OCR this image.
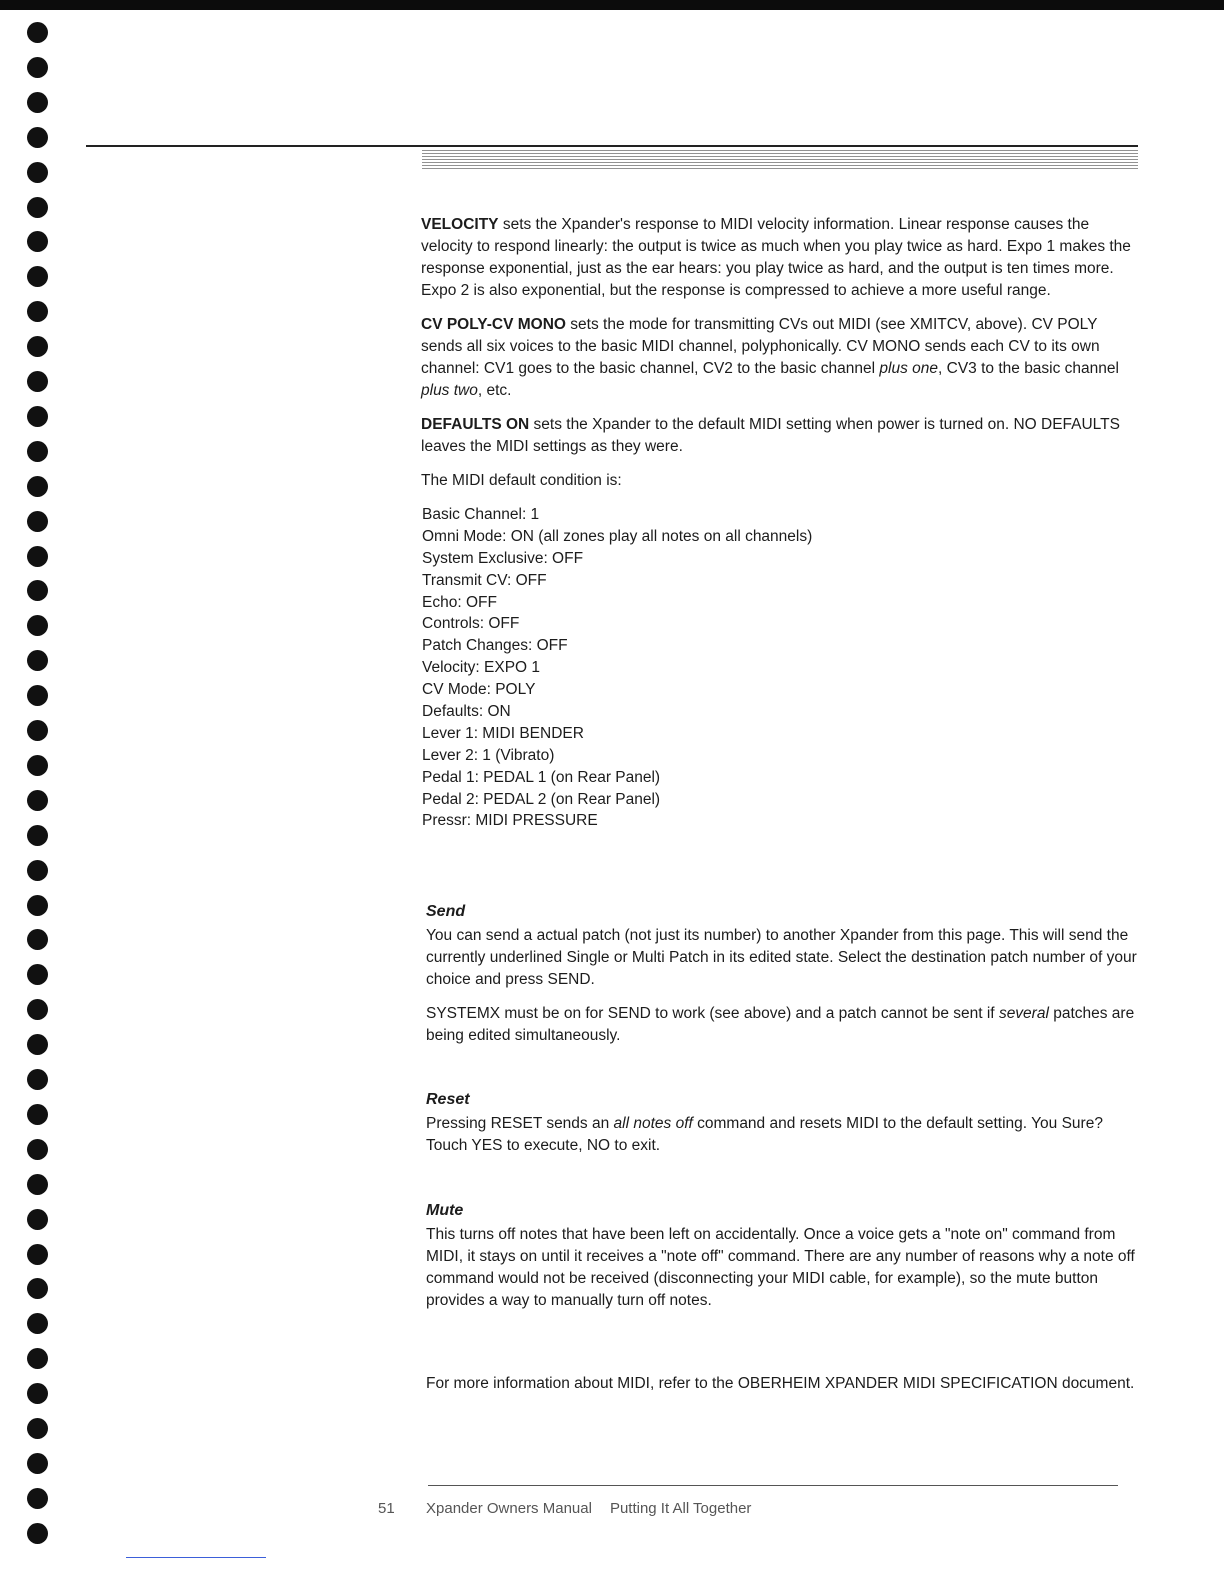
VELOCITY sets the Xpander's response to MIDI velocity information. Linear response causes the velocity to respond linearly: the output is twice as much when you play twice as hard. Expo 1 makes the response exponential, just as the ear hears: you play twice as hard, and the output is ten times more. Expo 2 is also exponential, but the response is compressed to achieve a more useful range.

CV POLY-CV MONO sets the mode for transmitting CVs out MIDI (see XMITCV, above). CV POLY sends all six voices to the basic MIDI channel, polyphonically. CV MONO sends each CV to its own channel: CV1 goes to the basic channel, CV2 to the basic channel plus one, CV3 to the basic channel plus two, etc.

DEFAULTS ON sets the Xpander to the default MIDI setting when power is turned on. NO DEFAULTS leaves the MIDI settings as they were.

The MIDI default condition is:

Basic Channel: 1
Omni Mode: ON (all zones play all notes on all channels)
System Exclusive: OFF
Transmit CV: OFF
Echo: OFF
Controls: OFF
Patch Changes: OFF
Velocity: EXPO 1
CV Mode: POLY
Defaults: ON
Lever 1: MIDI BENDER
Lever 2: 1 (Vibrato)
Pedal 1: PEDAL 1 (on Rear Panel)
Pedal 2: PEDAL 2 (on Rear Panel)
Pressr: MIDI PRESSURE
Send

You can send a actual patch (not just its number) to another Xpander from this page. This will send the currently underlined Single or Multi Patch in its edited state. Select the destination patch number of your choice and press SEND.

SYSTEMX must be on for SEND to work (see above) and a patch cannot be sent if several patches are being edited simultaneously.

Reset

Pressing RESET sends an all notes off command and resets MIDI to the default setting. You Sure? Touch YES to execute, NO to exit.

Mute

This turns off notes that have been left on accidentally. Once a voice gets a "note on" command from MIDI, it stays on until it receives a "note off" command. There are any number of reasons why a note off command would not be received (disconnecting your MIDI cable, for example), so the mute button provides a way to manually turn off notes.

For more information about MIDI, refer to the OBERHEIM XPANDER MIDI SPECIFICATION document.

51 Xpander Owners Manual Putting It All Together
